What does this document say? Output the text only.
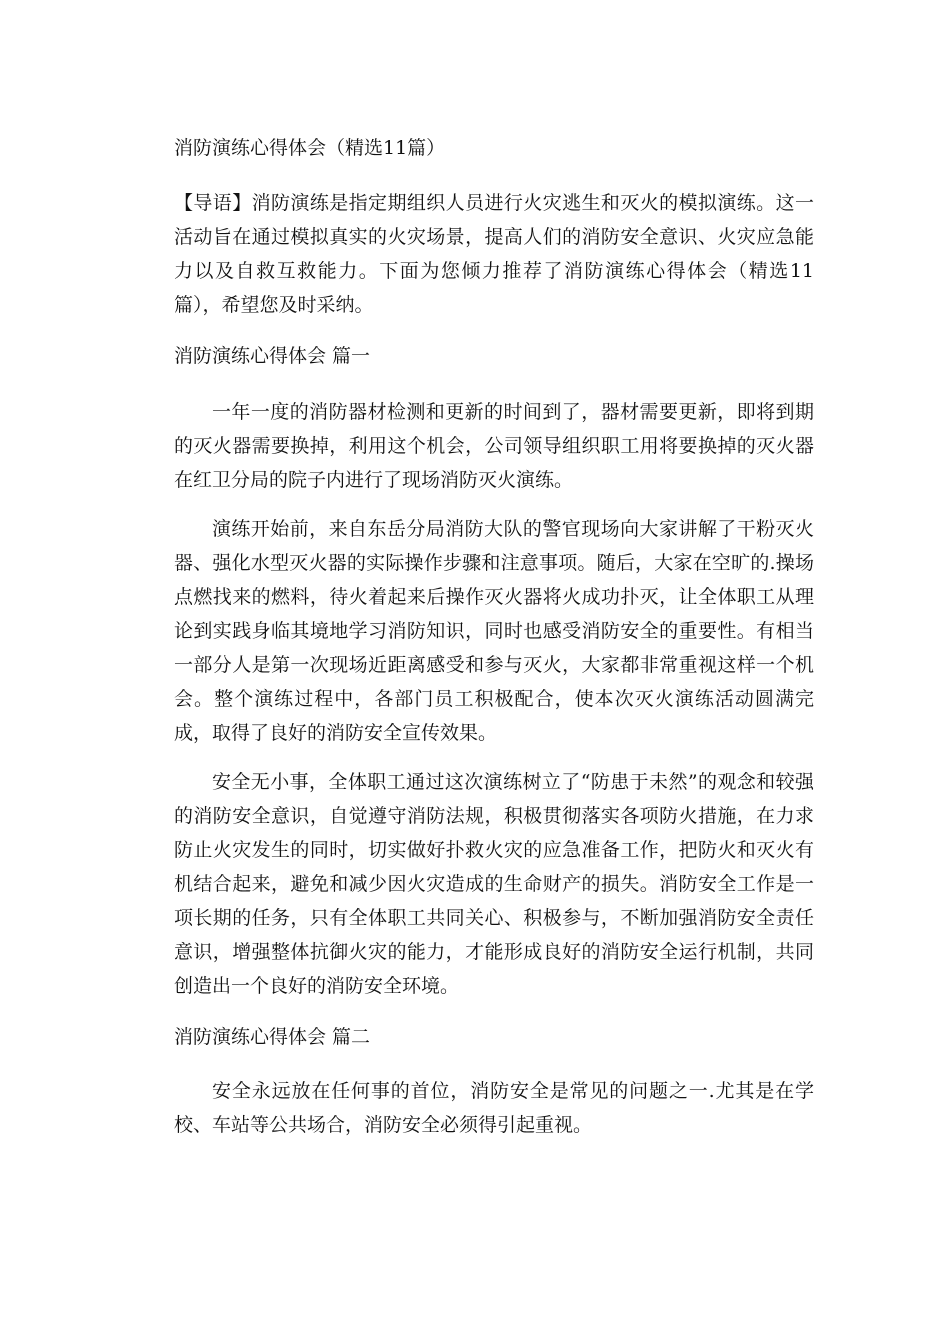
消防演练心得体会（精选11篇）

【导语】消防演练是指定期组织人员进行火灾逃生和灭火的模拟演练。这一活动旨在通过模拟真实的火灾场景，提高人们的消防安全意识、火灾应急能力以及自救互救能力。下面为您倾力推荐了消防演练心得体会（精选11篇），希望您及时采纳。

消防演练心得体会 篇一

一年一度的消防器材检测和更新的时间到了，器材需要更新，即将到期的灭火器需要换掉，利用这个机会，公司领导组织职工用将要换掉的灭火器在红卫分局的院子内进行了现场消防灭火演练。

演练开始前，来自东岳分局消防大队的警官现场向大家讲解了干粉灭火器、强化水型灭火器的实际操作步骤和注意事项。随后，大家在空旷的.操场点燃找来的燃料，待火着起来后操作灭火器将火成功扑灭，让全体职工从理论到实践身临其境地学习消防知识，同时也感受消防安全的重要性。有相当一部分人是第一次现场近距离感受和参与灭火，大家都非常重视这样一个机会。整个演练过程中，各部门员工积极配合，使本次灭火演练活动圆满完成，取得了良好的消防安全宣传效果。

安全无小事，全体职工通过这次演练树立了“防患于未然”的观念和较强的消防安全意识，自觉遵守消防法规，积极贯彻落实各项防火措施，在力求防止火灾发生的同时，切实做好扑救火灾的应急准备工作，把防火和灭火有机结合起来，避免和减少因火灾造成的生命财产的损失。消防安全工作是一项长期的任务，只有全体职工共同关心、积极参与，不断加强消防安全责任意识，增强整体抗御火灾的能力，才能形成良好的消防安全运行机制，共同创造出一个良好的消防安全环境。

消防演练心得体会 篇二

安全永远放在任何事的首位，消防安全是常见的问题之一.尤其是在学校、车站等公共场合，消防安全必须得引起重视。
